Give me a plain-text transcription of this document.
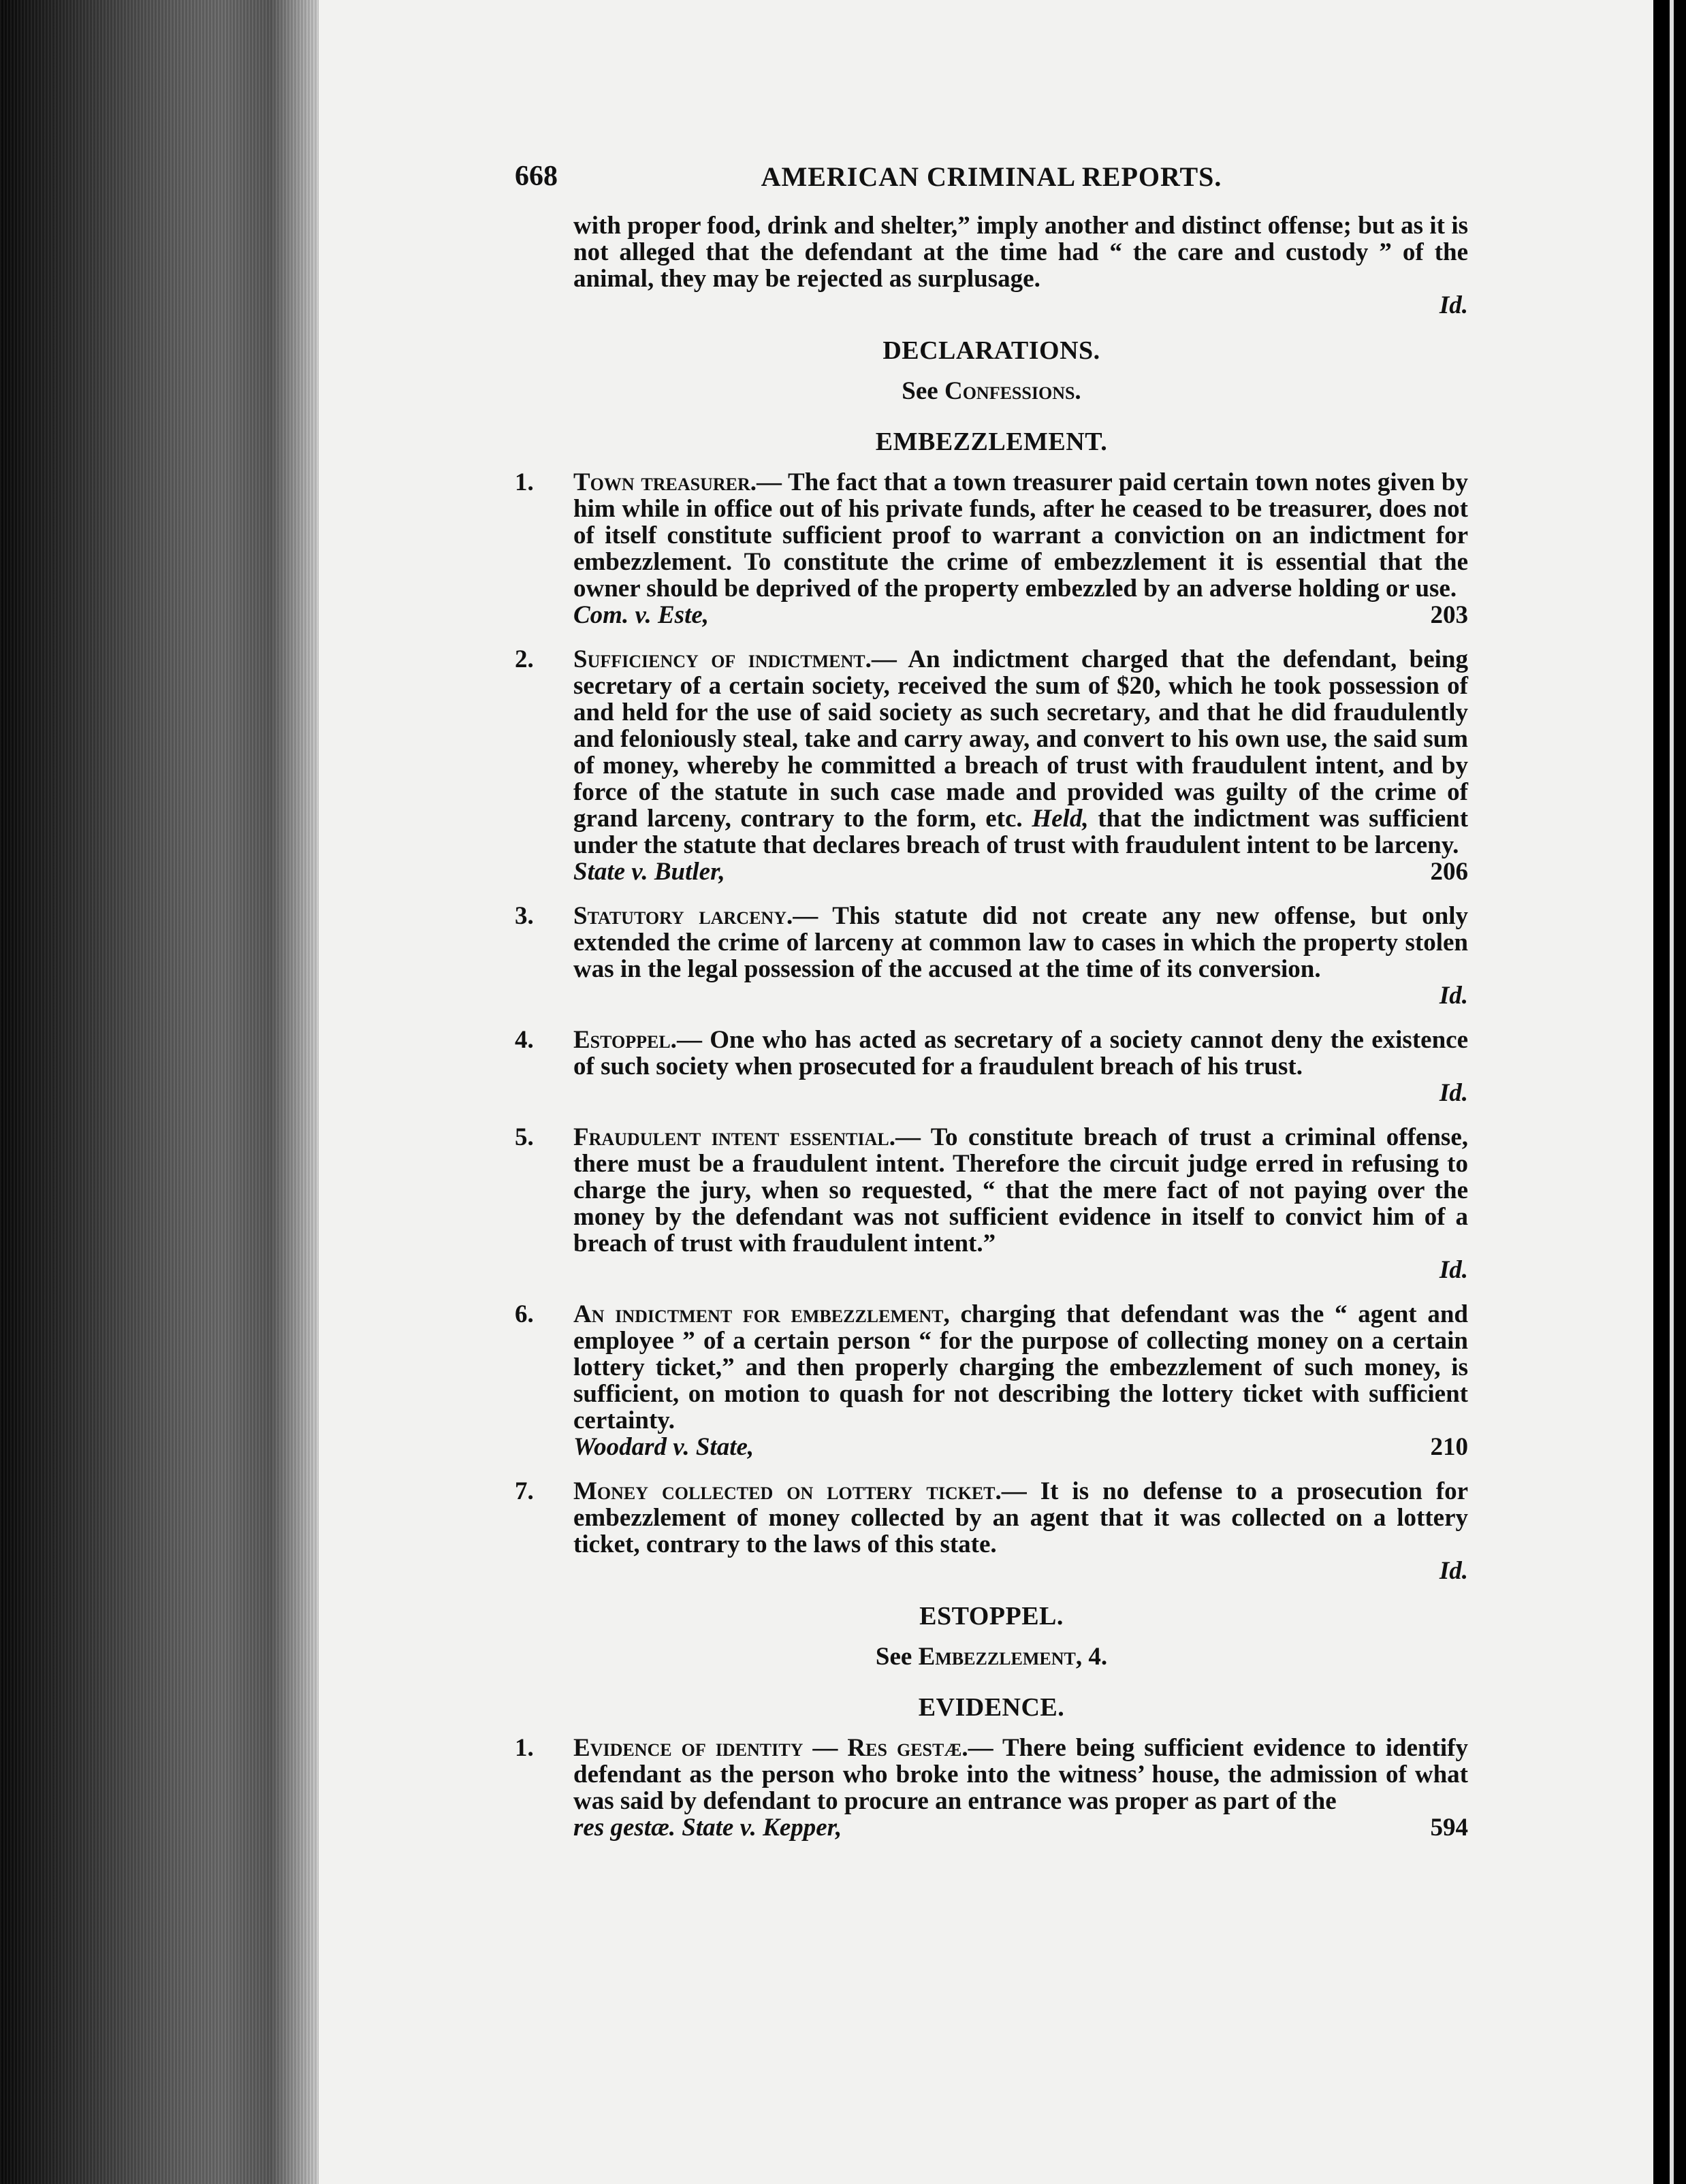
668	AMERICAN CRIMINAL REPORTS.

with proper food, drink and shelter,” imply another and distinct offense; but as it is not alleged that the defendant at the time had “ the care and custody ” of the animal, they may be rejected as surplusage.

Id.

DECLARATIONS.
See Confessions.
EMBEZZLEMENT.
1. Town treasurer.— The fact that a town treasurer paid certain town notes given by him while in office out of his private funds, after he ceased to be treasurer, does not of itself constitute sufficient proof to warrant a conviction on an indictment for embezzlement. To constitute the crime of embezzlement it is essential that the owner should be deprived of the property embezzled by an adverse holding or use.
Com. v. Este,	203
2. Sufficiency of indictment.— An indictment charged that the defendant, being secretary of a certain society, received the sum of $20, which he took possession of and held for the use of said society as such secretary, and that he did fraudulently and feloniously steal, take and carry away, and convert to his own use, the said sum of money, whereby he committed a breach of trust with fraudulent intent, and by force of the statute in such case made and provided was guilty of the crime of grand larceny, contrary to the form, etc. Held, that the indictment was sufficient under the statute that declares breach of trust with fraudulent intent to be larceny.
State v. Butler,	206
3. Statutory larceny.— This statute did not create any new offense, but only extended the crime of larceny at common law to cases in which the property stolen was in the legal possession of the accused at the time of its conversion.
Id.
4. Estoppel.— One who has acted as secretary of a society cannot deny the existence of such society when prosecuted for a fraudulent breach of his trust.
Id.
5. Fraudulent intent essential.— To constitute breach of trust a criminal offense, there must be a fraudulent intent. Therefore the circuit judge erred in refusing to charge the jury, when so requested, “ that the mere fact of not paying over the money by the defendant was not sufficient evidence in itself to convict him of a breach of trust with fraudulent intent.”
Id.
6. An indictment for embezzlement, charging that defendant was the “ agent and employee ” of a certain person “ for the purpose of collecting money on a certain lottery ticket,” and then properly charging the embezzlement of such money, is sufficient, on motion to quash for not describing the lottery ticket with sufficient certainty.
Woodard v. State,	210
7. Money collected on lottery ticket.— It is no defense to a prosecution for embezzlement of money collected by an agent that it was collected on a lottery ticket, contrary to the laws of this state.
Id.
ESTOPPEL.
See Embezzlement, 4.
EVIDENCE.
1. Evidence of identity — Res gestæ.— There being sufficient evidence to identify defendant as the person who broke into the witness’ house, the admission of what was said by defendant to procure an entrance was proper as part of the
res gestæ. State v. Kepper,	594
